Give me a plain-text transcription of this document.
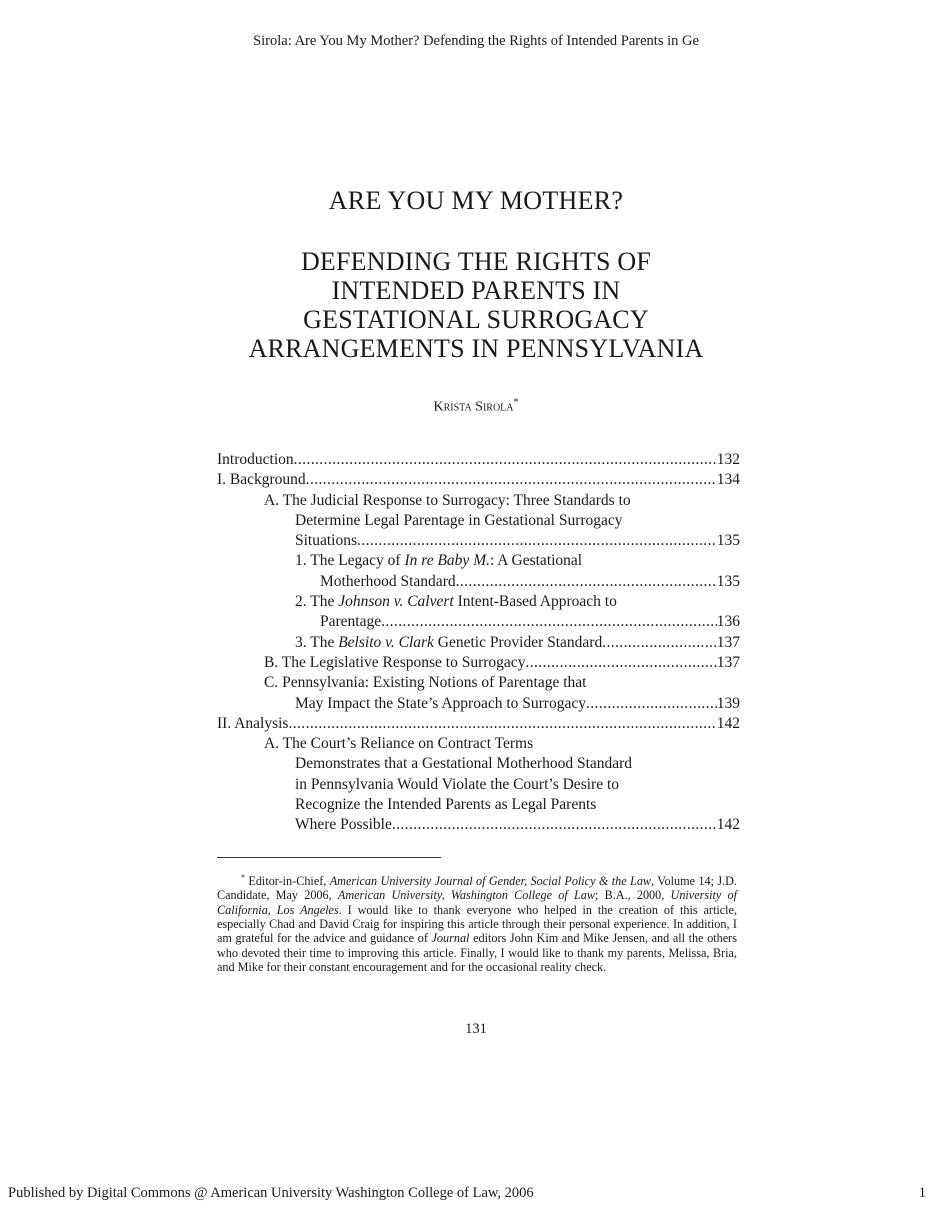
Sirola: Are You My Mother? Defending the Rights of Intended Parents in Ge
ARE YOU MY MOTHER?
DEFENDING THE RIGHTS OF
INTENDED PARENTS IN
GESTATIONAL SURROGACY
ARRANGEMENTS IN PENNSYLVANIA
Krista Sirola*
Introduction .....	132
I. Background .....	134
A. The Judicial Response to Surrogacy: Three Standards to
Determine Legal Parentage in Gestational Surrogacy
Situations .....	135
1. The Legacy of In re Baby M.: A Gestational
Motherhood Standard .....	135
2. The Johnson v. Calvert Intent-Based Approach to
Parentage .....	136
3. The Belsito v. Clark Genetic Provider Standard .....	137
B. The Legislative Response to Surrogacy .....	137
C. Pennsylvania: Existing Notions of Parentage that
May Impact the State’s Approach to Surrogacy .....	139
II. Analysis .....	142
A. The Court’s Reliance on Contract Terms
Demonstrates that a Gestational Motherhood Standard
in Pennsylvania Would Violate the Court’s Desire to
Recognize the Intended Parents as Legal Parents
Where Possible .....	142

* Editor-in-Chief, American University Journal of Gender, Social Policy & the Law, Volume 14; J.D. Candidate, May 2006, American University, Washington College of Law; B.A., 2000, University of California, Los Angeles. I would like to thank everyone who helped in the creation of this article, especially Chad and David Craig for inspiring this article through their personal experience. In addition, I am grateful for the advice and guidance of Journal editors John Kim and Mike Jensen, and all the others who devoted their time to improving this article. Finally, I would like to thank my parents, Melissa, Bria, and Mike for their constant encouragement and for the occasional reality check.

131
Published by Digital Commons @ American University Washington College of Law, 2006	1
